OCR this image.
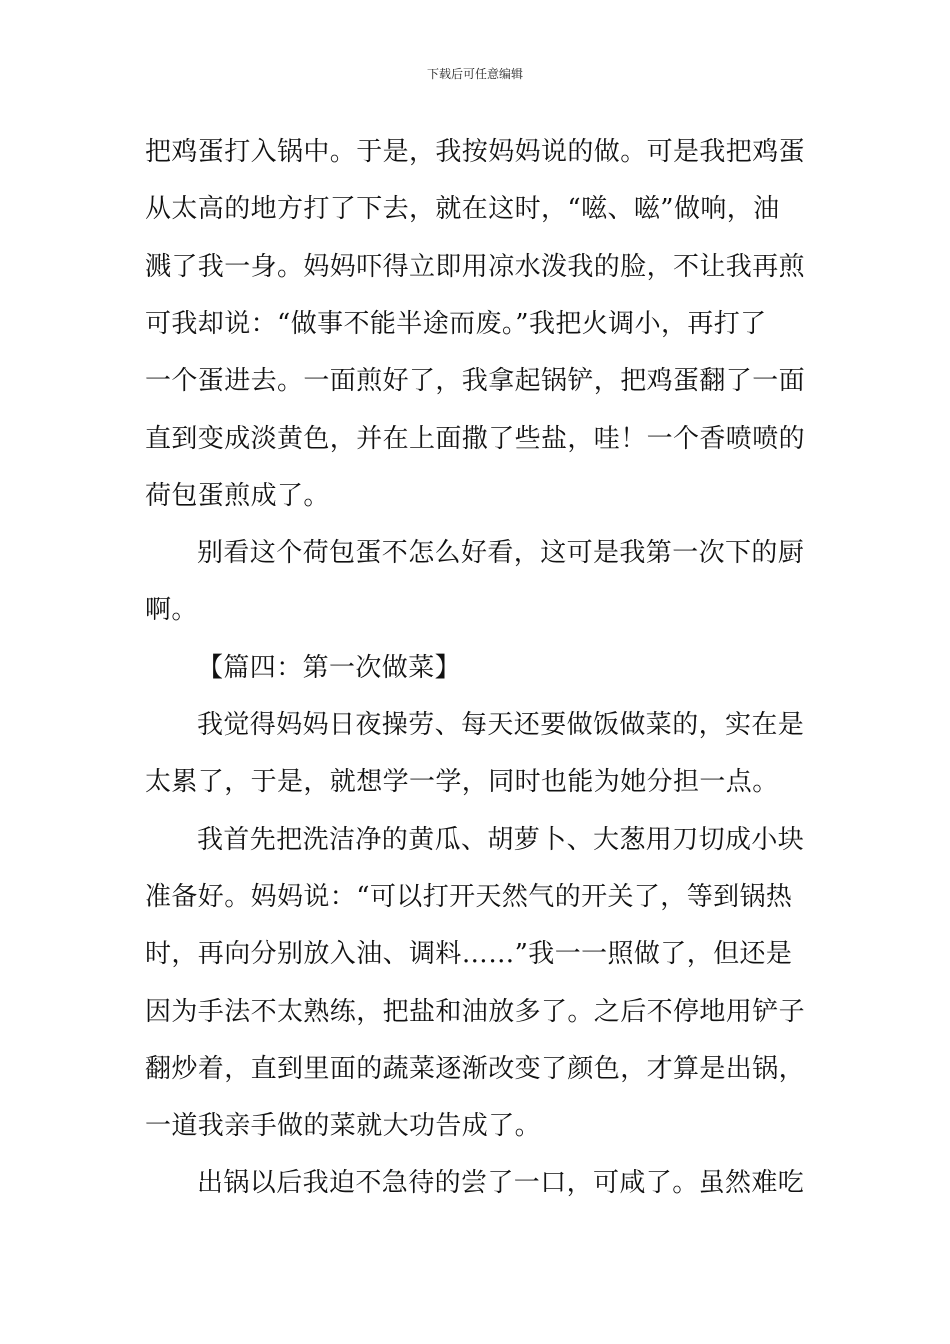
下载后可任意编辑
把鸡蛋打入锅中。于是，我按妈妈说的做。可是我把鸡蛋
从太高的地方打了下去，就在这时，“嗞、嗞”做响，油
溅了我一身。妈妈吓得立即用凉水泼我的脸，不让我再煎
可我却说：“做事不能半途而废。”我把火调小，再打了
一个蛋进去。一面煎好了，我拿起锅铲，把鸡蛋翻了一面
直到变成淡黄色，并在上面撒了些盐，哇！一个香喷喷的
荷包蛋煎成了。
别看这个荷包蛋不怎么好看，这可是我第一次下的厨
啊。
【篇四：第一次做菜】
我觉得妈妈日夜操劳、每天还要做饭做菜的，实在是
太累了，于是，就想学一学，同时也能为她分担一点。
我首先把洗洁净的黄瓜、胡萝卜、大葱用刀切成小块
准备好。妈妈说：“可以打开天然气的开关了，等到锅热
时，再向分别放入油、调料……”我一一照做了，但还是
因为手法不太熟练，把盐和油放多了。之后不停地用铲子
翻炒着，直到里面的蔬菜逐渐改变了颜色，才算是出锅，
一道我亲手做的菜就大功告成了。
出锅以后我迫不急待的尝了一口，可咸了。虽然难吃
